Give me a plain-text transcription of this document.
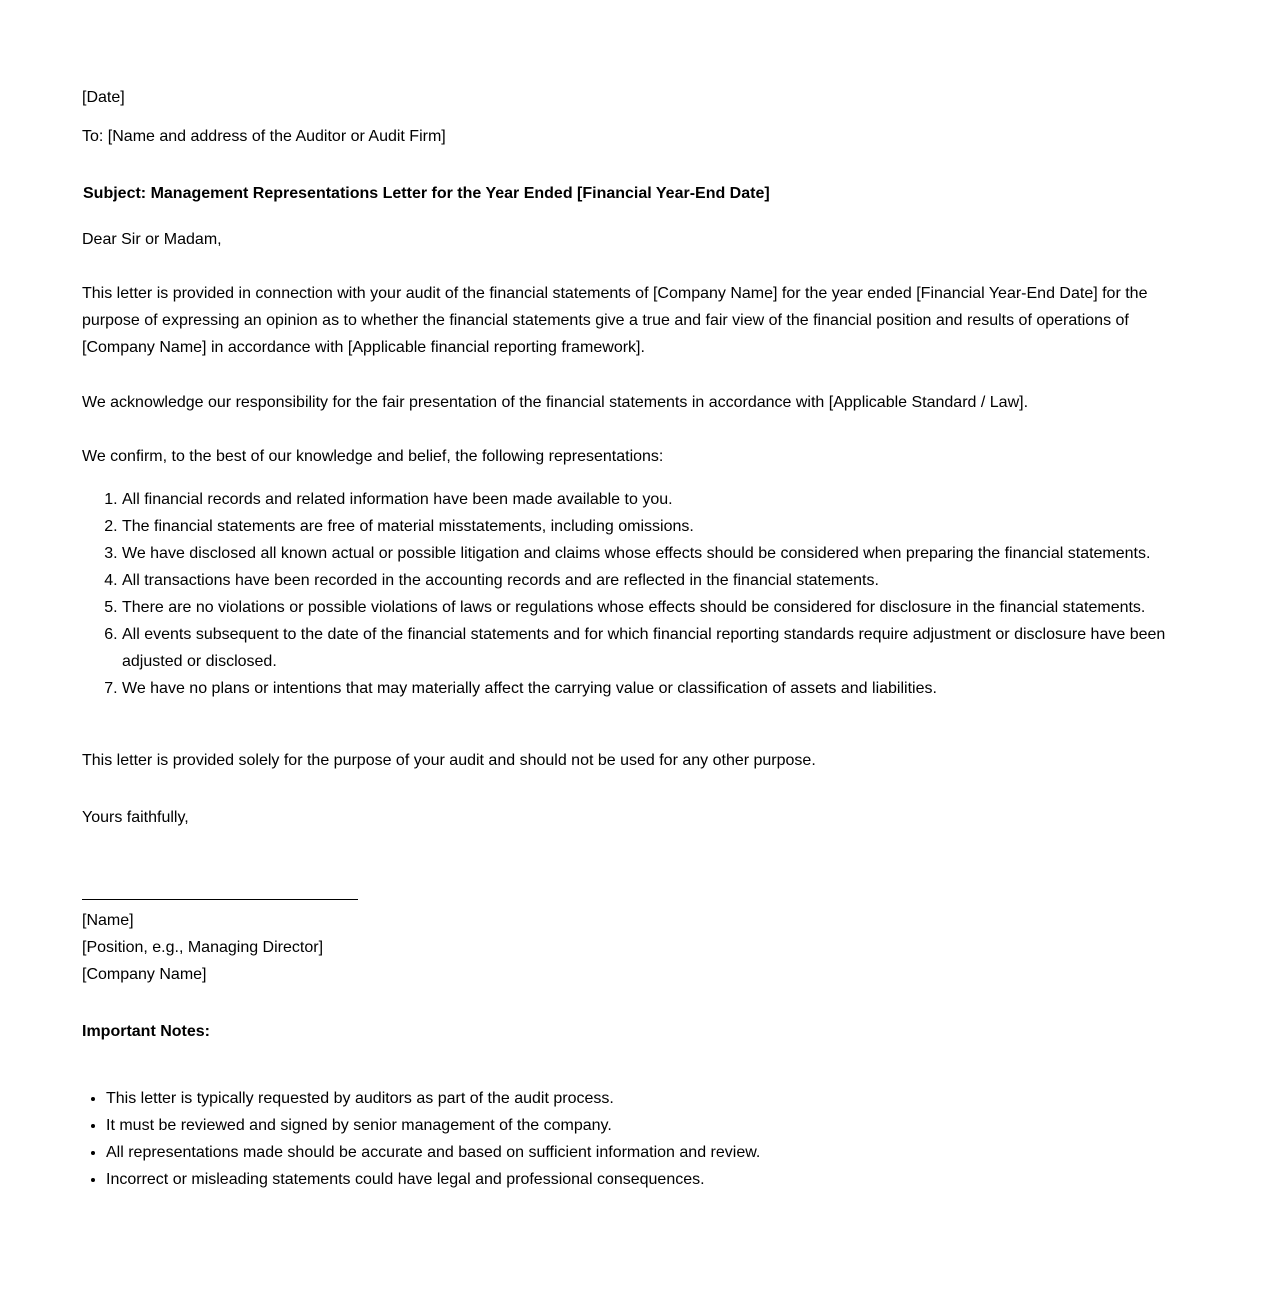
[Date]

To: [Name and address of the Auditor or Audit Firm]

Subject: Management Representations Letter for the Year Ended [Financial Year-End Date]

Dear Sir or Madam,

This letter is provided in connection with your audit of the financial statements of [Company Name] for the year ended [Financial Year-End Date] for the purpose of expressing an opinion as to whether the financial statements give a true and fair view of the financial position and results of operations of [Company Name] in accordance with [Applicable financial reporting framework].

We acknowledge our responsibility for the fair presentation of the financial statements in accordance with [Applicable Standard / Law].

We confirm, to the best of our knowledge and belief, the following representations:

1. All financial records and related information have been made available to you.
2. The financial statements are free of material misstatements, including omissions.
3. We have disclosed all known actual or possible litigation and claims whose effects should be considered when preparing the financial statements.
4. All transactions have been recorded in the accounting records and are reflected in the financial statements.
5. There are no violations or possible violations of laws or regulations whose effects should be considered for disclosure in the financial statements.
6. All events subsequent to the date of the financial statements and for which financial reporting standards require adjustment or disclosure have been adjusted or disclosed.
7. We have no plans or intentions that may materially affect the carrying value or classification of assets and liabilities.

This letter is provided solely for the purpose of your audit and should not be used for any other purpose.

Yours faithfully,

[Name]

[Position, e.g., Managing Director]

[Company Name]

Important Notes:

• This letter is typically requested by auditors as part of the audit process.
• It must be reviewed and signed by senior management of the company.
• All representations made should be accurate and based on sufficient information and review.
• Incorrect or misleading statements could have legal and professional consequences.
